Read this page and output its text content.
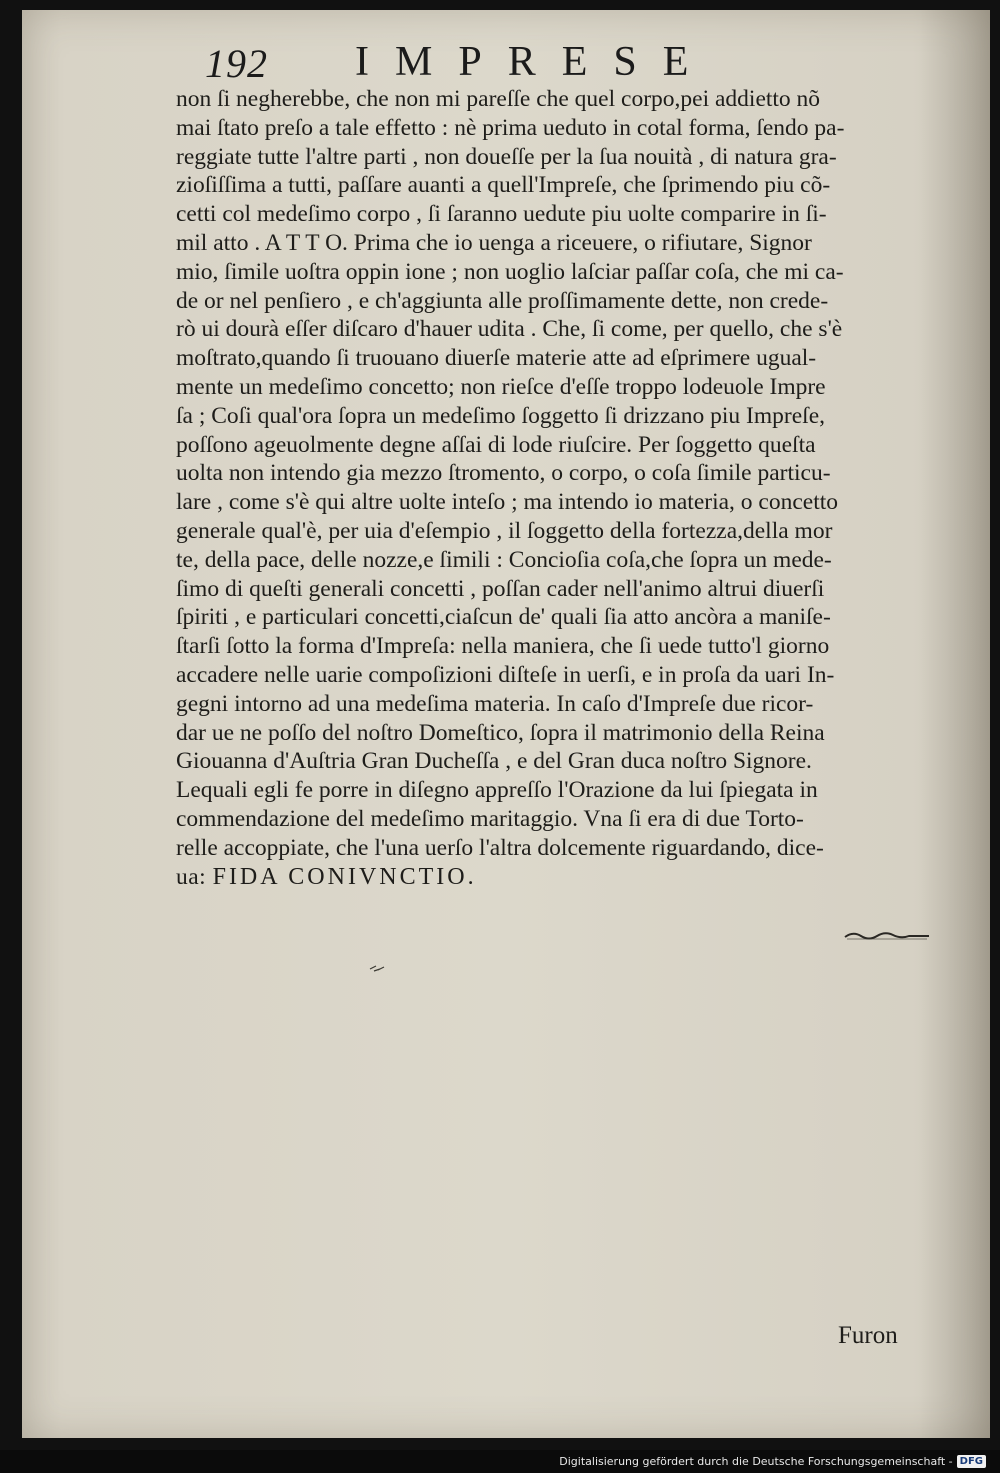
192 IMPRESE
non ſi negherebbe, che non mi pareſſe che quel corpo,pei addietto nõ
mai ſtato preſo a tale effetto : nè prima ueduto in cotal forma, ſendo pa-
reggiate tutte l'altre parti , non doueſſe per la ſua nouità , di natura gra-
zioſiſſima a tutti, paſſare auanti a quell'Impreſe, che ſprimendo piu cõ-
cetti col medeſimo corpo , ſi ſaranno uedute piu uolte comparire in ſi-
mil atto . A T T O. Prima che io uenga a riceuere, o rifiutare, Signor
mio, ſimile uoſtra oppin ione ; non uoglio laſciar paſſar coſa, che mi ca-
de or nel penſiero , e ch'aggiunta alle proſſimamente dette, non crede-
rò ui dourà eſſer diſcaro d'hauer udita . Che, ſi come, per quello, che s'è
moſtrato,quando ſi truouano diuerſe materie atte ad eſprimere ugual-
mente un medeſimo concetto; non rieſce d'eſſe troppo lodeuole Impre
ſa ; Coſi qual'ora ſopra un medeſimo ſoggetto ſi drizzano piu Impreſe,
poſſono ageuolmente degne aſſai di lode riuſcire. Per ſoggetto queſta
uolta non intendo gia mezzo ſtromento, o corpo, o coſa ſimile particu-
lare , come s'è qui altre uolte inteſo ; ma intendo io materia, o concetto
generale qual'è, per uia d'eſempio , il ſoggetto della fortezza,della mor
te, della pace, delle nozze,e ſimili : Concioſia coſa,che ſopra un mede-
ſimo di queſti generali concetti , poſſan cader nell'animo altrui diuerſi
ſpiriti , e particulari concetti,ciaſcun de' quali ſia atto ancòra a maniſe-
ſtarſi ſotto la forma d'Impreſa: nella maniera, che ſi uede tutto'l giorno
accadere nelle uarie compoſizioni diſteſe in uerſi, e in proſa da uari In-
gegni intorno ad una medeſima materia. In caſo d'Impreſe due ricor-
dar ue ne poſſo del noſtro Domeſtico, ſopra il matrimonio della Reina
Giouanna d'Auſtria Gran Ducheſſa , e del Gran duca noſtro Signore.
Lequali egli fe porre in diſegno appreſſo l'Orazione da lui ſpiegata in
commendazione del medeſimo maritaggio. Vna ſi era di due Torto-
relle accoppiate, che l'una uerſo l'altra dolcemente riguardando, dice-
ua: FIDA CONIVNCTIO.
Furon
Digitalisierung gefördert durch die Deutsche Forschungsgemeinschaft - DFG
